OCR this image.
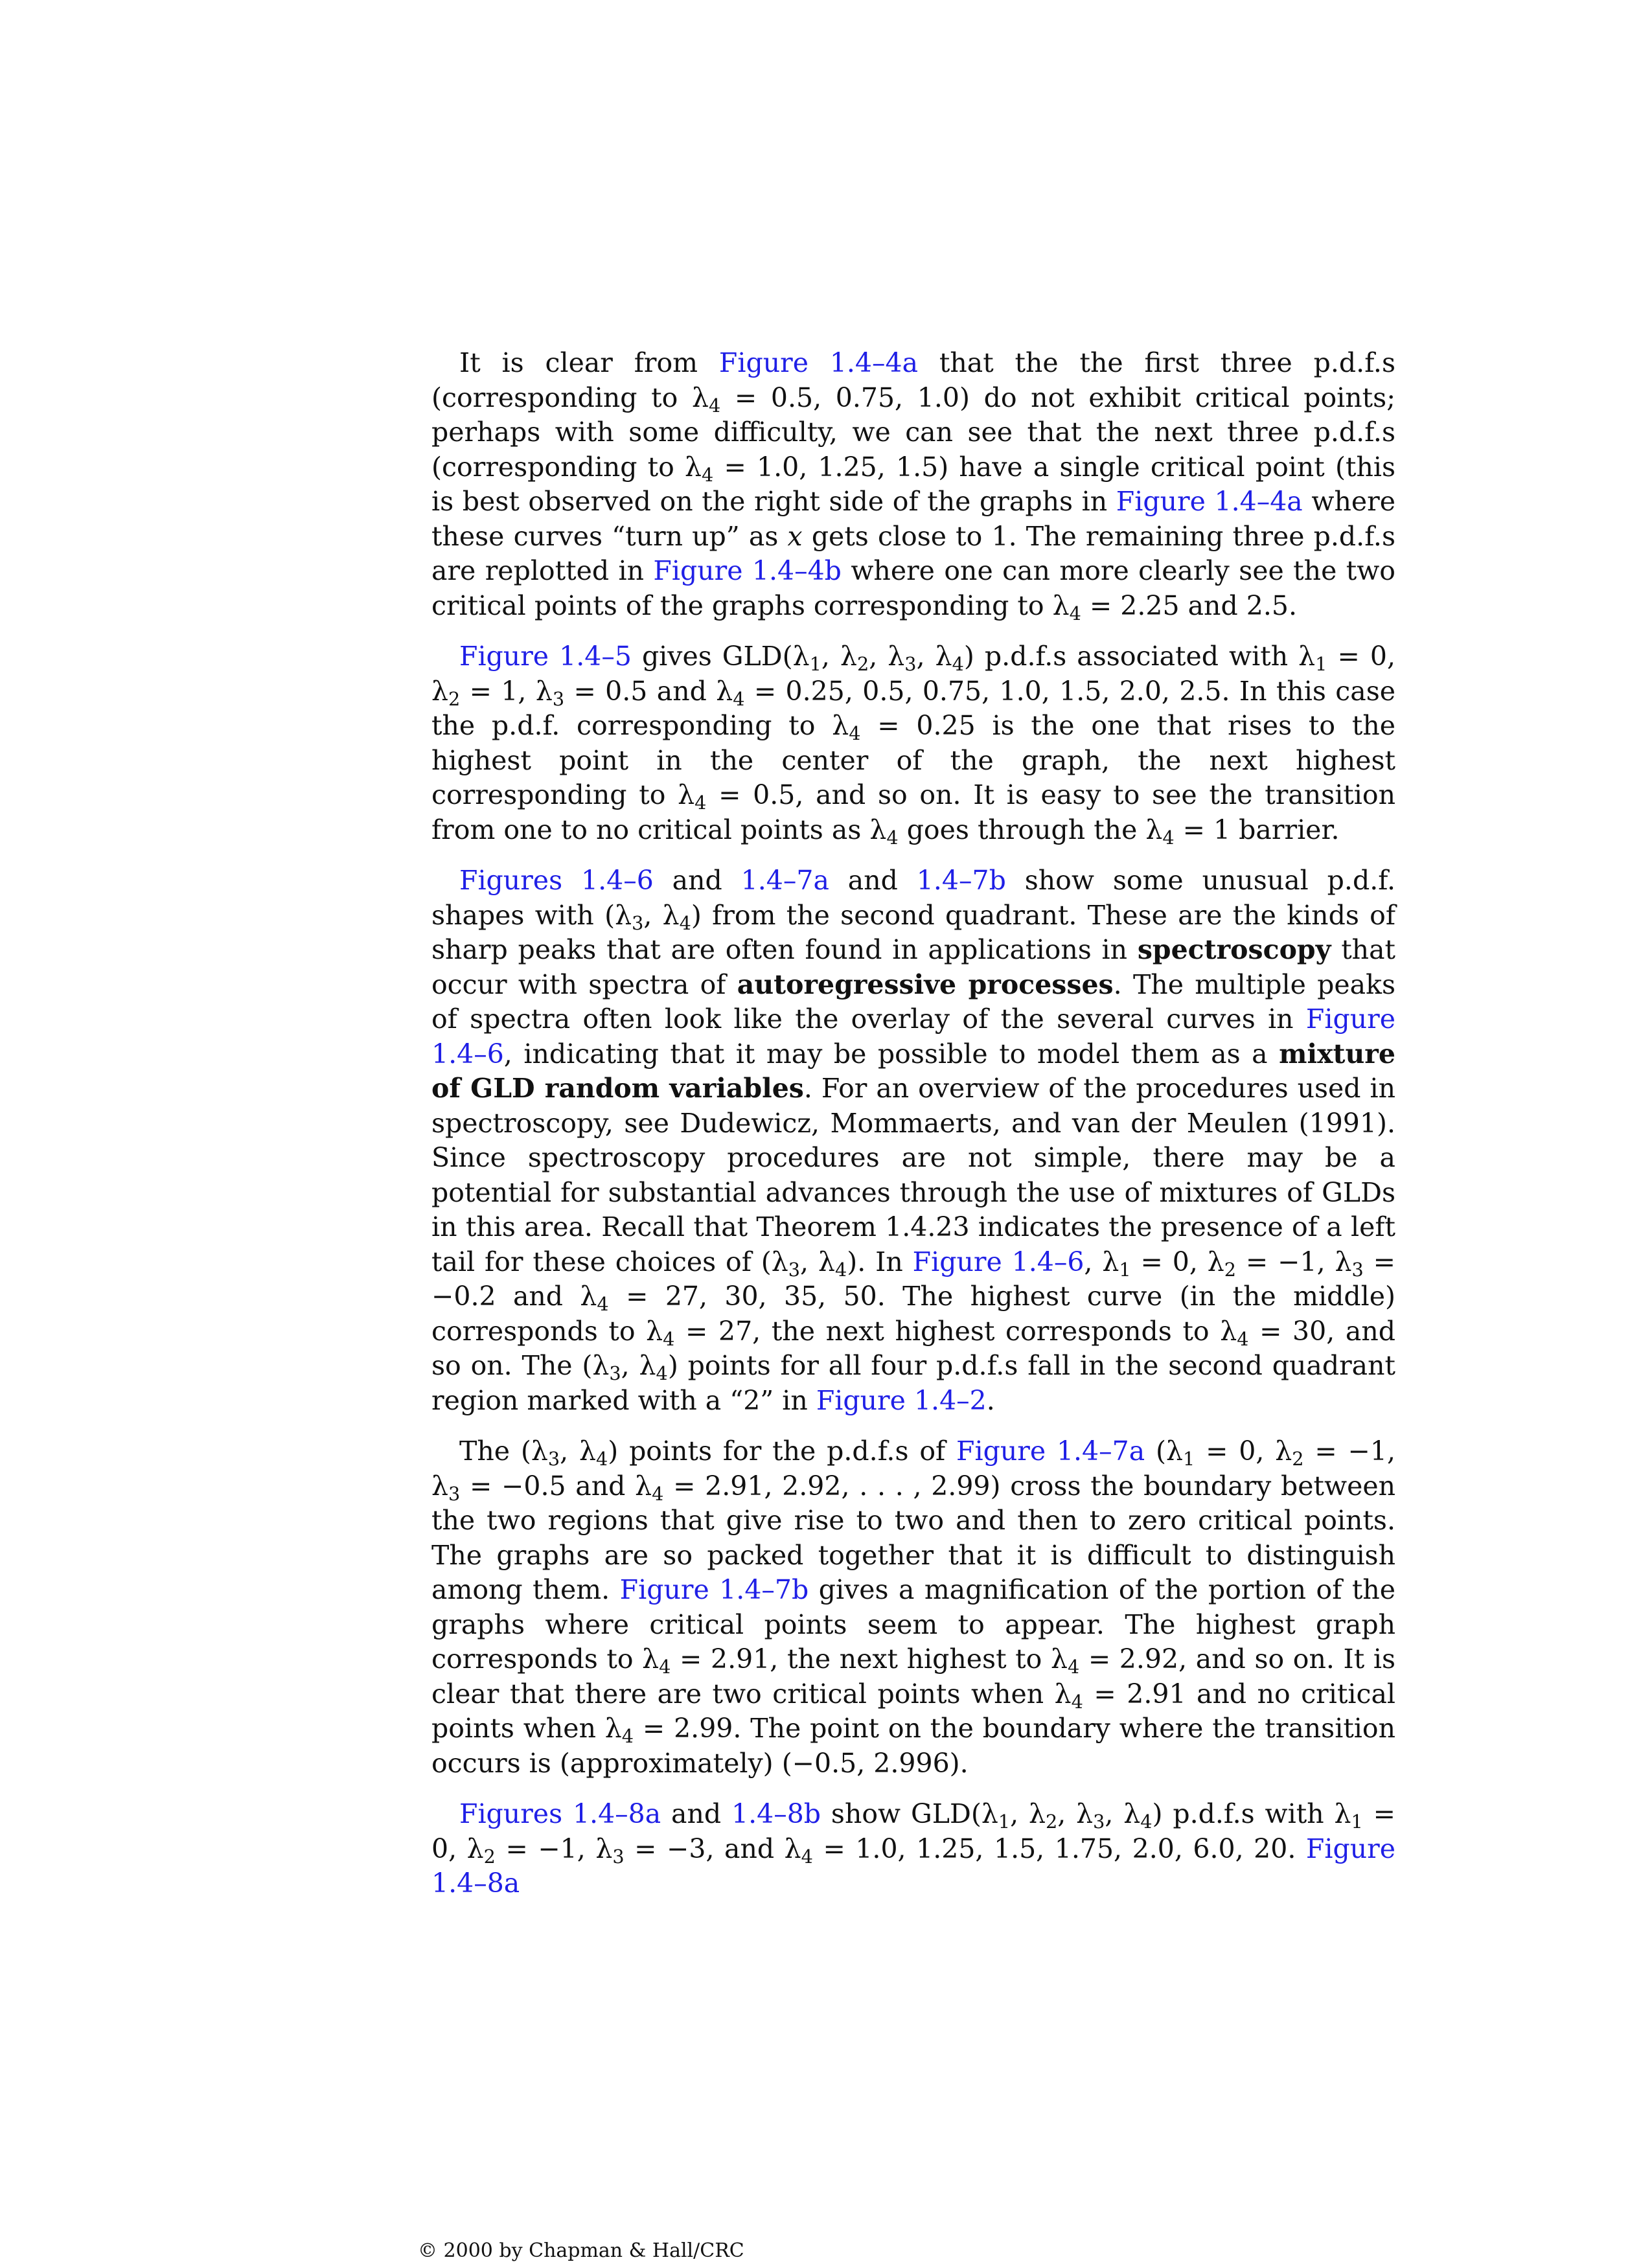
It is clear from Figure 1.4–4a that the the first three p.d.f.s (corresponding to $\lambda_4 = 0.5$, 0.75, 1.0) do not exhibit critical points; perhaps with some difficulty, we can see that the next three p.d.f.s (corresponding to $\lambda_4 = 1.0$, 1.25, 1.5) have a single critical point (this is best observed on the right side of the graphs in Figure 1.4–4a where these curves “turn up” as x gets close to 1. The remaining three p.d.f.s are replotted in Figure 1.4–4b where one can more clearly see the two critical points of the graphs corresponding to $\lambda_4 = 2.25$ and 2.5.

Figure 1.4–5 gives $GLD(\lambda_1$, $\lambda_2$, $\lambda_3$, $\lambda_4$) p.d.f.s associated with $\lambda_1 = 0$, $\lambda_2 = 1$, $\lambda_3 = 0.5$ and $\lambda_4 = 0.25$, 0.5, 0.75, 1.0, 1.5, 2.0, 2.5. In this case the p.d.f. corresponding to $\lambda_4 = 0.25$ is the one that rises to the highest point in the center of the graph, the next highest corresponding to $\lambda_4 = 0.5$, and so on. It is easy to see the transition from one to no critical points as $\lambda_4$ goes through the $\lambda_4 = 1$ barrier.

Figures 1.4–6 and 1.4–7a and 1.4–7b show some unusual p.d.f. shapes with ($\lambda_3$, $\lambda_4$) from the second quadrant. These are the kinds of sharp peaks that are often found in applications in spectroscopy that occur with spectra of autoregressive processes. The multiple peaks of spectra often look like the overlay of the several curves in Figure 1.4–6, indicating that it may be possible to model them as a mixture of GLD random variables. For an overview of the procedures used in spectroscopy, see Dudewicz, Mommaerts, and van der Meulen (1991). Since spectroscopy procedures are not simple, there may be a potential for substantial advances through the use of mixtures of GLDs in this area. Recall that Theorem 1.4.23 indicates the presence of a left tail for these choices of ($\lambda_3$, $\lambda_4$). In Figure 1.4–6, $\lambda_1 = 0$, $\lambda_2 = -1$, $\lambda_3 = -0.2$ and $\lambda_4 = 27$, 30, 35, 50. The highest curve (in the middle) corresponds to $\lambda_4 = 27$, the next highest corresponds to $\lambda_4 = 30$, and so on. The ($\lambda_3$, $\lambda_4$) points for all four p.d.f.s fall in the second quadrant region marked with a “2” in Figure 1.4–2.

The ($\lambda_3$, $\lambda_4$) points for the p.d.f.s of Figure 1.4–7a ($\lambda_1 = 0$, $\lambda_2 = -1$, $\lambda_3 = -0.5$ and $\lambda_4 = 2.91$, 2.92, . . . , 2.99) cross the boundary between the two regions that give rise to two and then to zero critical points. The graphs are so packed together that it is difficult to distinguish among them. Figure 1.4–7b gives a magnification of the portion of the graphs where critical points seem to appear. The highest graph corresponds to $\lambda_4 = 2.91$, the next highest to $\lambda_4 = 2.92$, and so on. It is clear that there are two critical points when $\lambda_4 = 2.91$ and no critical points when $\lambda_4 = 2.99$. The point on the boundary where the transition occurs is (approximately) (−0.5, 2.996).

Figures 1.4–8a and 1.4–8b show $GLD(\lambda_1$, $\lambda_2$, $\lambda_3$, $\lambda_4$) p.d.f.s with $\lambda_1 = 0$, $\lambda_2 = -1$, $\lambda_3 = -3$, and $\lambda_4 = 1.0$, 1.25, 1.5, 1.75, 2.0, 6.0, 20. Figure 1.4–8a

© 2000 by Chapman & Hall/CRC
